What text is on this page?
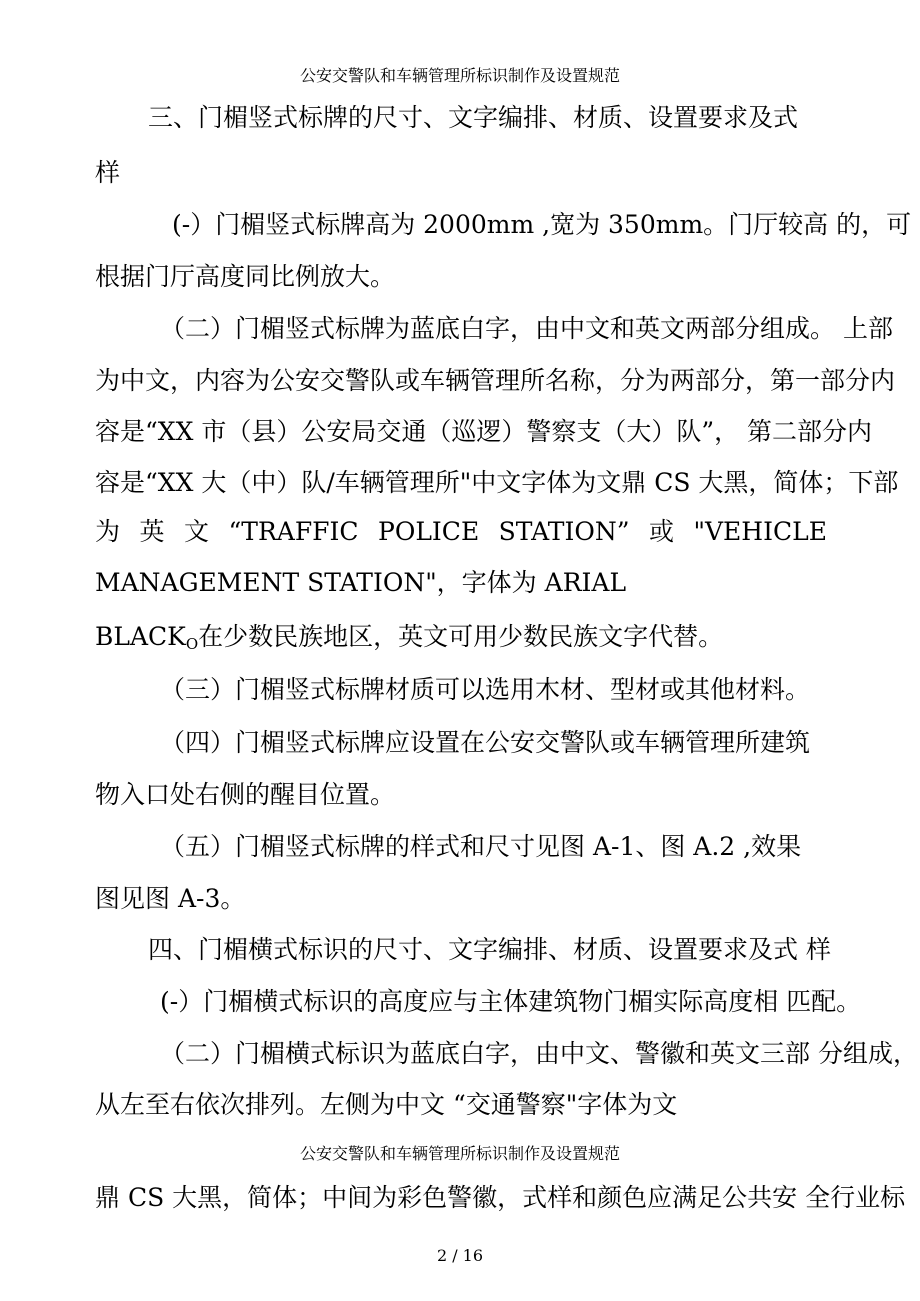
公安交警队和车辆管理所标识制作及设置规范
三、门楣竖式标牌的尺寸、文字编排、材质、设置要求及式
样
(-）门楣竖式标牌高为 2000mm ,宽为 350mm。门厅较高 的，可
根据门厅高度同比例放大。
（二）门楣竖式标牌为蓝底白字，由中文和英文两部分组成。 上部
为中文，内容为公安交警队或车辆管理所名称，分为两部分，第一部分内
容是“XX 市（县）公安局交通（巡逻）警察支（大）队”， 第二部分内
容是“XX 大（中）队/车辆管理所"中文字体为文鼎 CS 大黑，简体；下部
为 英 文 “TRAFFIC POLICE STATION” 或 "VEHICLE
MANAGEMENT STATION"，字体为 ARIAL
$BLACK_O$在少数民族地区，英文可用少数民族文字代替。
（三）门楣竖式标牌材质可以选用木材、型材或其他材料。
（四）门楣竖式标牌应设置在公安交警队或车辆管理所建筑
物入口处右侧的醒目位置。
（五）门楣竖式标牌的样式和尺寸见图 A-1、图 A.2 ,效果
图见图 A-3。
四、门楣横式标识的尺寸、文字编排、材质、设置要求及式 样
(-）门楣横式标识的高度应与主体建筑物门楣实际高度相 匹配。
（二）门楣横式标识为蓝底白字，由中文、警徽和英文三部 分组成，
从左至右依次排列。左侧为中文 “交通警察"字体为文
公安交警队和车辆管理所标识制作及设置规范
鼎 CS 大黑，简体；中间为彩色警徽，式样和颜色应满足公共安 全行业标
2 / 16
